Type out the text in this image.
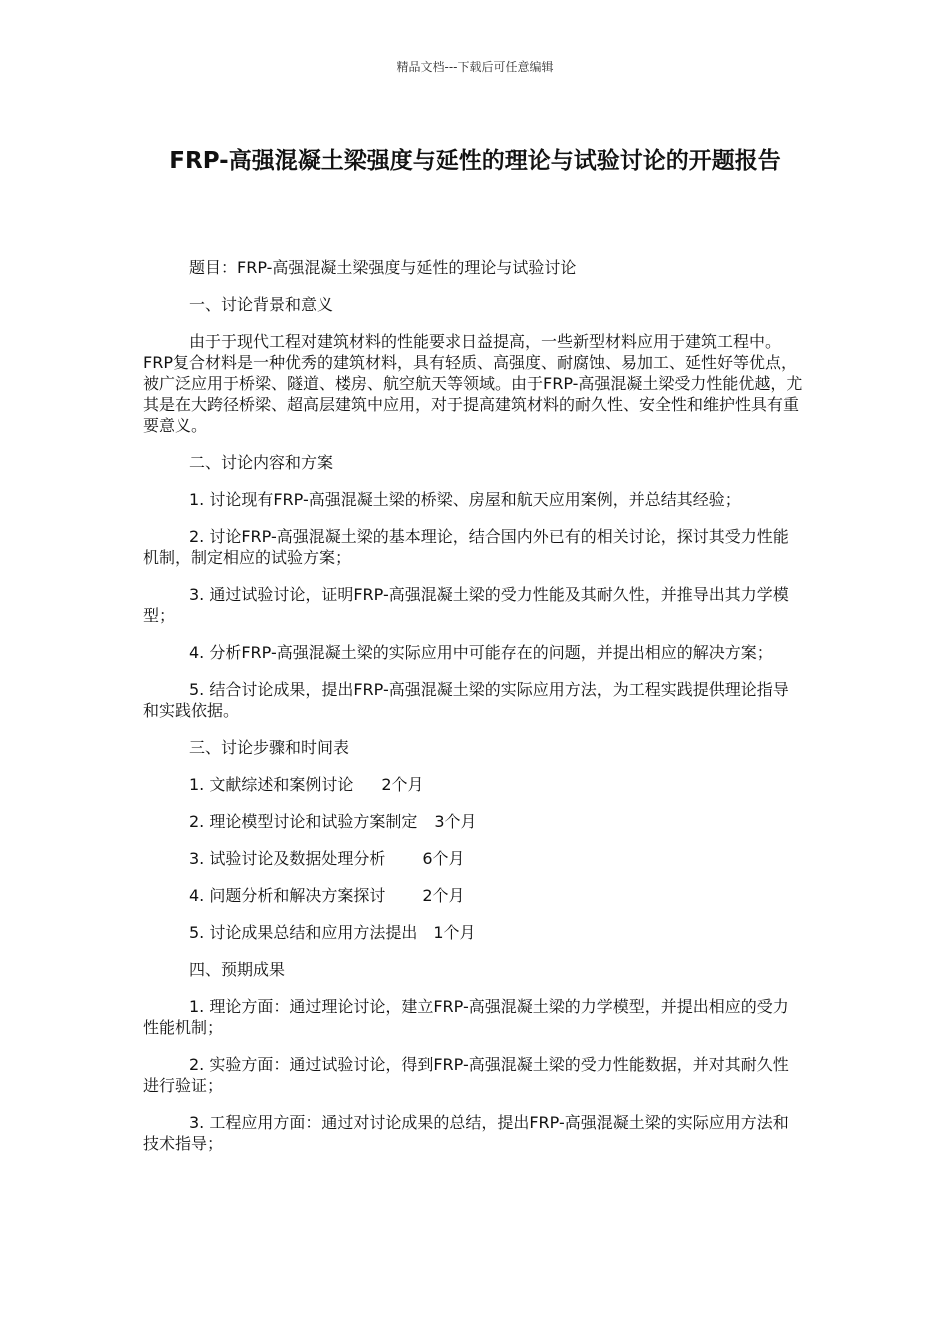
精品文档---下载后可任意编辑
FRP-高强混凝土梁强度与延性的理论与试验讨论的开题报告

题目：FRP-高强混凝土梁强度与延性的理论与试验讨论

一、讨论背景和意义

由于于现代工程对建筑材料的性能要求日益提高，一些新型材料应用于建筑工程中。FRP复合材料是一种优秀的建筑材料，具有轻质、高强度、耐腐蚀、易加工、延性好等优点，被广泛应用于桥梁、隧道、楼房、航空航天等领域。由于FRP-高强混凝土梁受力性能优越，尤其是在大跨径桥梁、超高层建筑中应用，对于提高建筑材料的耐久性、安全性和维护性具有重要意义。

二、讨论内容和方案

1. 讨论现有FRP-高强混凝土梁的桥梁、房屋和航天应用案例，并总结其经验；

2. 讨论FRP-高强混凝土梁的基本理论，结合国内外已有的相关讨论，探讨其受力性能机制，制定相应的试验方案；

3. 通过试验讨论，证明FRP-高强混凝土梁的受力性能及其耐久性，并推导出其力学模型；

4. 分析FRP-高强混凝土梁的实际应用中可能存在的问题，并提出相应的解决方案；

5. 结合讨论成果，提出FRP-高强混凝土梁的实际应用方法，为工程实践提供理论指导和实践依据。

三、讨论步骤和时间表

1. 文献综述和案例讨论 2个月

2. 理论模型讨论和试验方案制定 3个月

3. 试验讨论及数据处理分析 6个月

4. 问题分析和解决方案探讨 2个月

5. 讨论成果总结和应用方法提出 1个月

四、预期成果

1. 理论方面：通过理论讨论，建立FRP-高强混凝土梁的力学模型，并提出相应的受力性能机制；

2. 实验方面：通过试验讨论，得到FRP-高强混凝土梁的受力性能数据，并对其耐久性进行验证；

3. 工程应用方面：通过对讨论成果的总结，提出FRP-高强混凝土梁的实际应用方法和技术指导；
